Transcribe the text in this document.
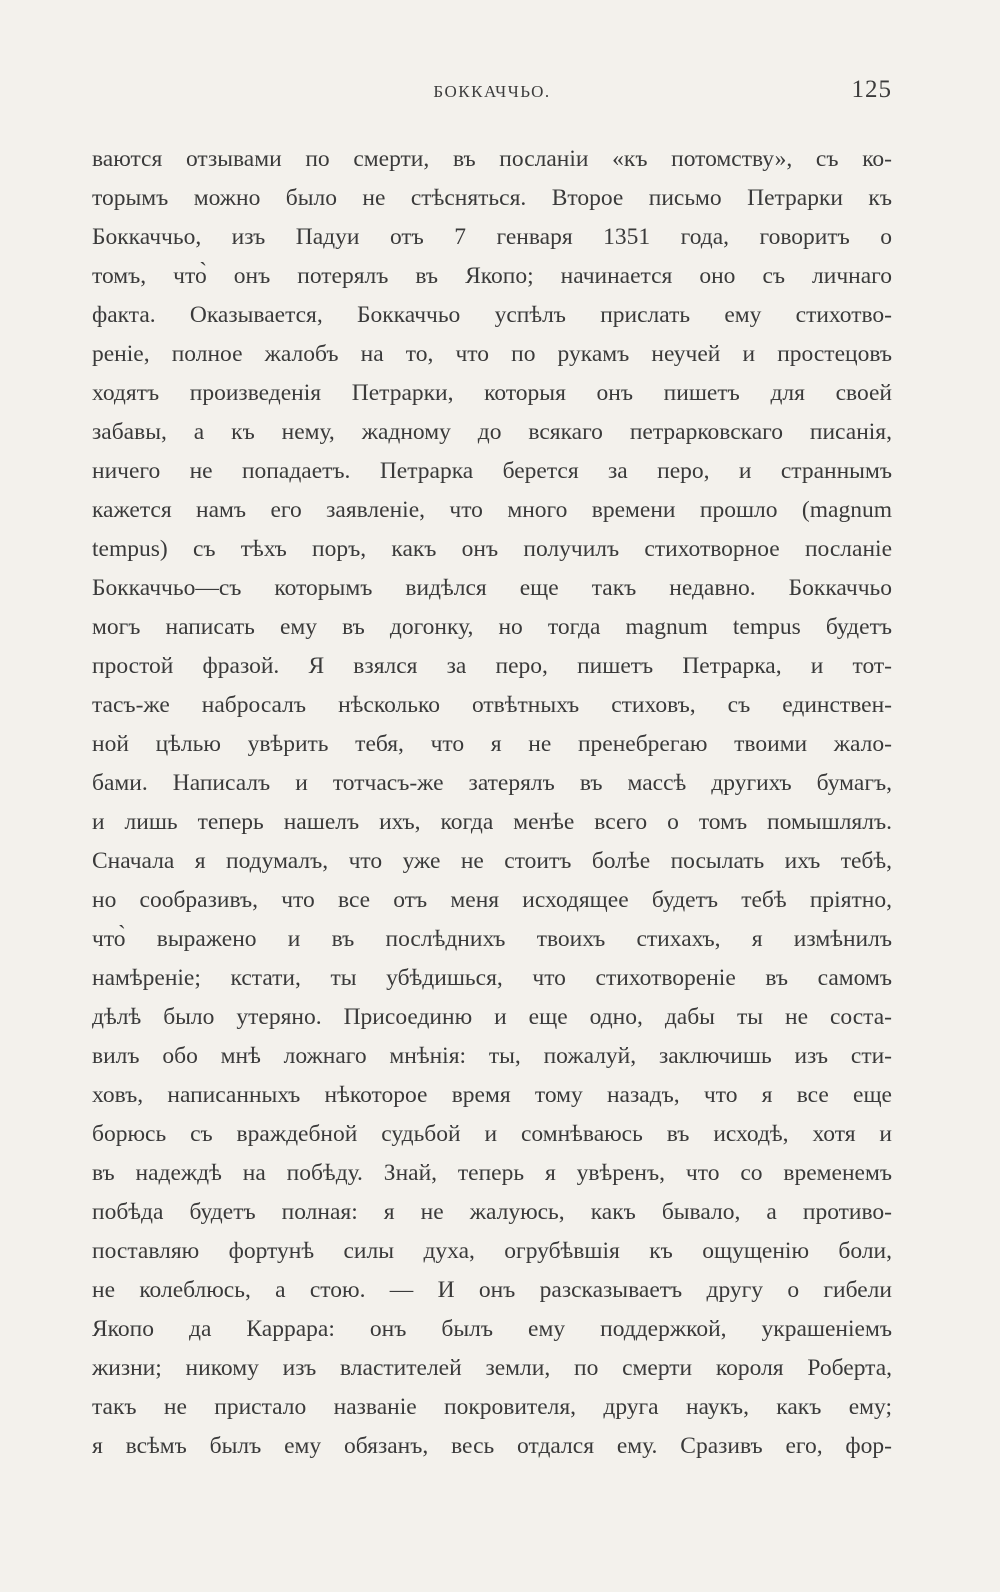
БОККАЧЧЬО.	125
ваются отзывами по смерти, въ посланіи «къ потомству», съ ко-
торымъ можно было не стѣсняться. Второе письмо Петрарки къ
Боккаччьо, изъ Падуи отъ 7 генваря 1351 года, говоритъ о
томъ, что̀ онъ потерялъ въ Якопо; начинается оно съ личнаго
факта. Оказывается, Боккаччьо успѣлъ прислать ему стихотво-
реніе, полное жалобъ на то, что по рукамъ неучей и простецовъ
ходятъ произведенія Петрарки, которыя онъ пишетъ для своей
забавы, а къ нему, жадному до всякаго петрарковскаго писанія,
ничего не попадаетъ. Петрарка берется за перо, и страннымъ
кажется намъ его заявленіе, что много времени прошло (magnum
tempus) съ тѣхъ поръ, какъ онъ получилъ стихотворное посланіе
Боккаччьо—съ которымъ видѣлся еще такъ недавно. Боккаччьо
могъ написать ему въ догонку, но тогда magnum tempus будетъ
простой фразой. Я взялся за перо, пишетъ Петрарка, и тот-
тасъ-же набросалъ нѣсколько отвѣтныхъ стиховъ, съ единствен-
ной цѣлью увѣрить тебя, что я не пренебрегаю твоими жало-
бами. Написалъ и тотчасъ-же затерялъ въ массѣ другихъ бумагъ,
и лишь теперь нашелъ ихъ, когда менѣе всего о томъ помышлялъ.
Сначала я подумалъ, что уже не стоитъ болѣе посылать ихъ тебѣ,
но сообразивъ, что все отъ меня исходящее будетъ тебѣ пріятно,
что̀ выражено и въ послѣднихъ твоихъ стихахъ, я измѣнилъ
намѣреніе; кстати, ты убѣдишься, что стихотвореніе въ самомъ
дѣлѣ было утеряно. Присоединю и еще одно, дабы ты не соста-
вилъ обо мнѣ ложнаго мнѣнія: ты, пожалуй, заключишь изъ сти-
ховъ, написанныхъ нѣкоторое время тому назадъ, что я все еще
борюсь съ враждебной судьбой и сомнѣваюсь въ исходѣ, хотя и
въ надеждѣ на побѣду. Знай, теперь я увѣренъ, что со временемъ
побѣда будетъ полная: я не жалуюсь, какъ бывало, а противо-
поставляю фортунѣ силы духа, огрубѣвшія къ ощущенію боли,
не колеблюсь, а стою. — И онъ разсказываетъ другу о гибели
Якопо да Каррара: онъ былъ ему поддержкой, украшеніемъ
жизни; никому изъ властителей земли, по смерти короля Роберта,
такъ не пристало названіе покровителя, друга наукъ, какъ ему;
я всѣмъ былъ ему обязанъ, весь отдался ему. Сразивъ его, фор-
